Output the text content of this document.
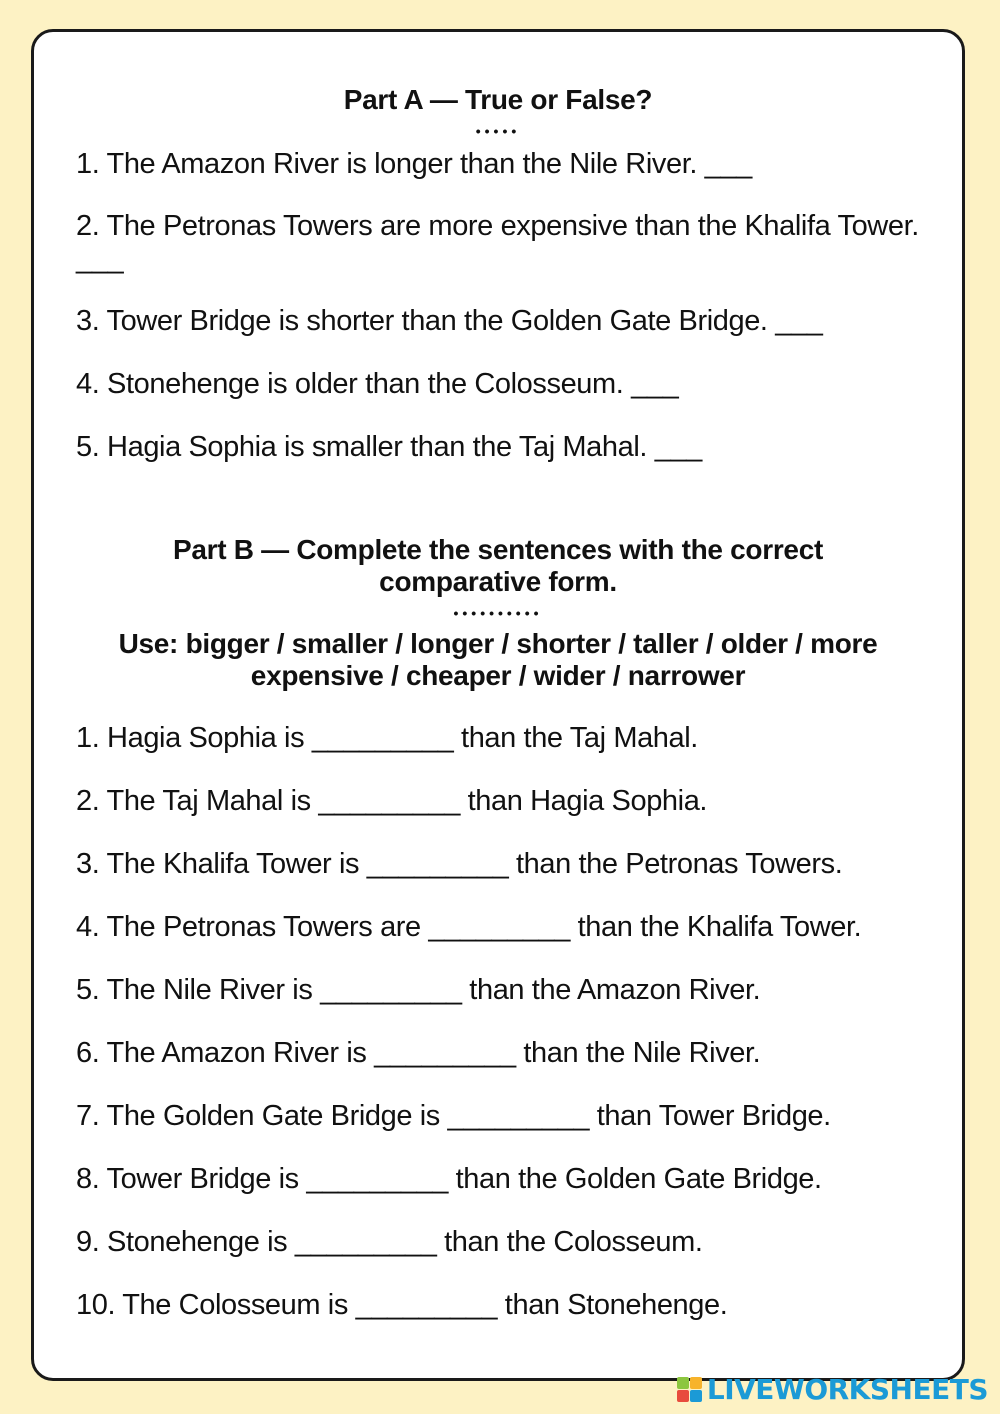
Part A — True or False?
•••••
1. The Amazon River is longer than the Nile River. ___
2. The Petronas Towers are more expensive than the Khalifa Tower. ___
3. Tower Bridge is shorter than the Golden Gate Bridge. ___
4. Stonehenge is older than the Colosseum. ___
5. Hagia Sophia is smaller than the Taj Mahal. ___
Part B — Complete the sentences with the correct comparative form.
••••••••••
Use: bigger / smaller / longer / shorter / taller / older / more expensive / cheaper / wider / narrower
1. Hagia Sophia is _________ than the Taj Mahal.
2. The Taj Mahal is _________ than Hagia Sophia.
3. The Khalifa Tower is _________ than the Petronas Towers.
4. The Petronas Towers are _________ than the Khalifa Tower.
5. The Nile River is _________ than the Amazon River.
6. The Amazon River is _________ than the Nile River.
7. The Golden Gate Bridge is _________ than Tower Bridge.
8. Tower Bridge is _________ than the Golden Gate Bridge.
9. Stonehenge is _________ than the Colosseum.
10. The Colosseum is _________ than Stonehenge.
LIVEWORKSHEETS
